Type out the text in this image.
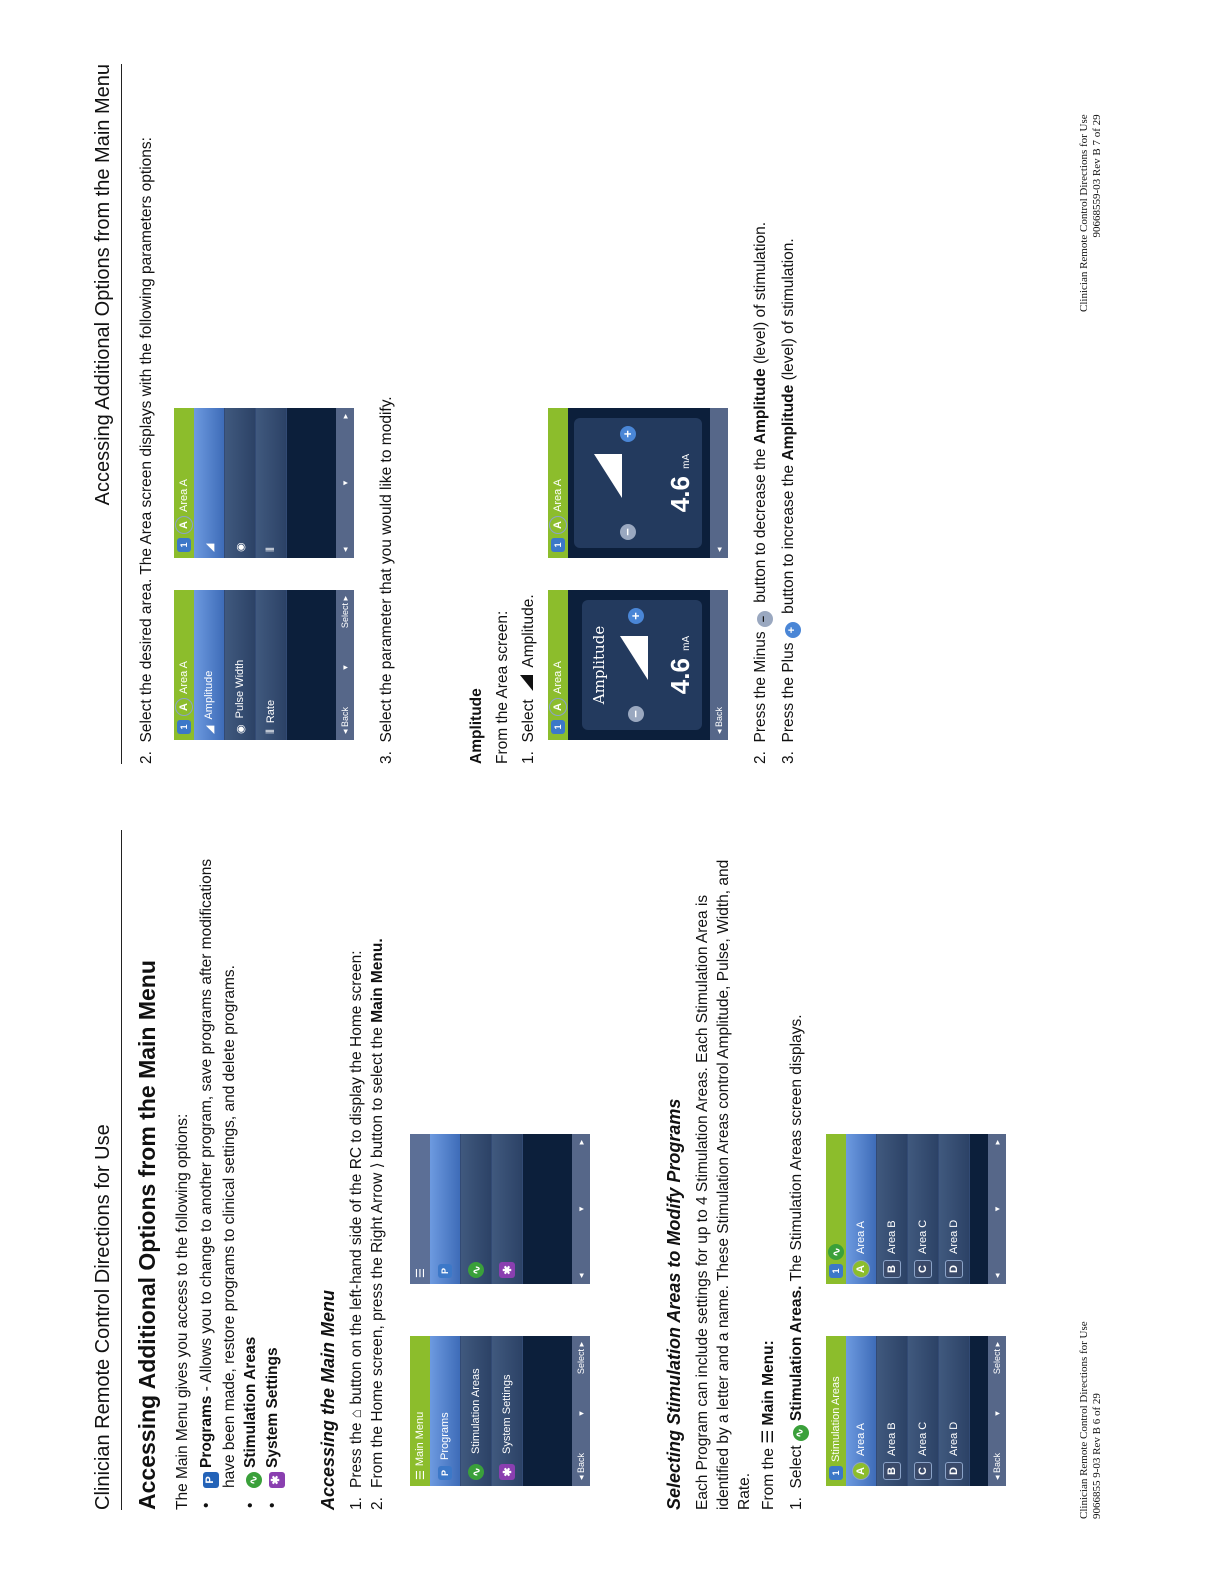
Clinician Remote Control Directions for Use Accessing Additional Options from the Main Menu The Main Menu gives you access to the following options:	• PPrograms - Allows you to change to another program, save programs after modifications have been made, restore programs to clinical settings, and delete programs. • ∿Stimulation Areas
• ✱System Settings Accessing the Main Menu 1.
Press the ⌂ button on the left-hand side of the RC to display the Home screen:
2.
From the Home screen, press the Right Arrow ⟩ button to select the Main Menu.
☰
Main Menu
P
Programs
∿
Stimulation Areas
✱
System Settings
◂ Back
▾
Select ▸
☰ P ∿ ✱
◂
▾
▸	Selecting Stimulation Areas to Modify Programs Each Program can include settings for up to 4 Stimulation Areas. Each Stimulation Area is identified by a letter and a name. These Stimulation Areas control Amplitude, Pulse, Width, and Rate. From the ☰ Main Menu:
1.  Select ∿Stimulation Areas. The Stimulation Areas screen displays.
1
Stimulation Areas
A
Area A
B
Area B
C
Area C
D
Area D
◂ Back
▾
Select ▸
1
∿
A
Area A
B
Area B
C
Area C
D
Area D
◂
▾
▸
Clinician Remote Control Directions for Use 9066855 9-03 Rev B 6 of 29
Accessing Additional Options from the Main Menu
2.  Select the desired area. The Area screen displays with the following parameters options:	1
A
Area A
◢
Amplitude
◉
Pulse Width
⦀
Rate	◂ Back
▾
Select ▸
1
A
Area A
◢ ◉ ⦀	◂
▾
▸
3.  Select the parameter that you would like to modify.	Amplitude From the Area screen: 1.  Select  Amplitude.
1
A
Area A Amplitude
−
+
4.6 mA
◂ Back
1
A
Area A
−
+
4.6 mA
◂
2.  Press the Minus − button to decrease the Amplitude (level) of stimulation.
3.  Press the Plus + button to increase the Amplitude (level) of stimulation.	Clinician Remote Control Directions for Use 90668559-03 Rev B 7 of 29
